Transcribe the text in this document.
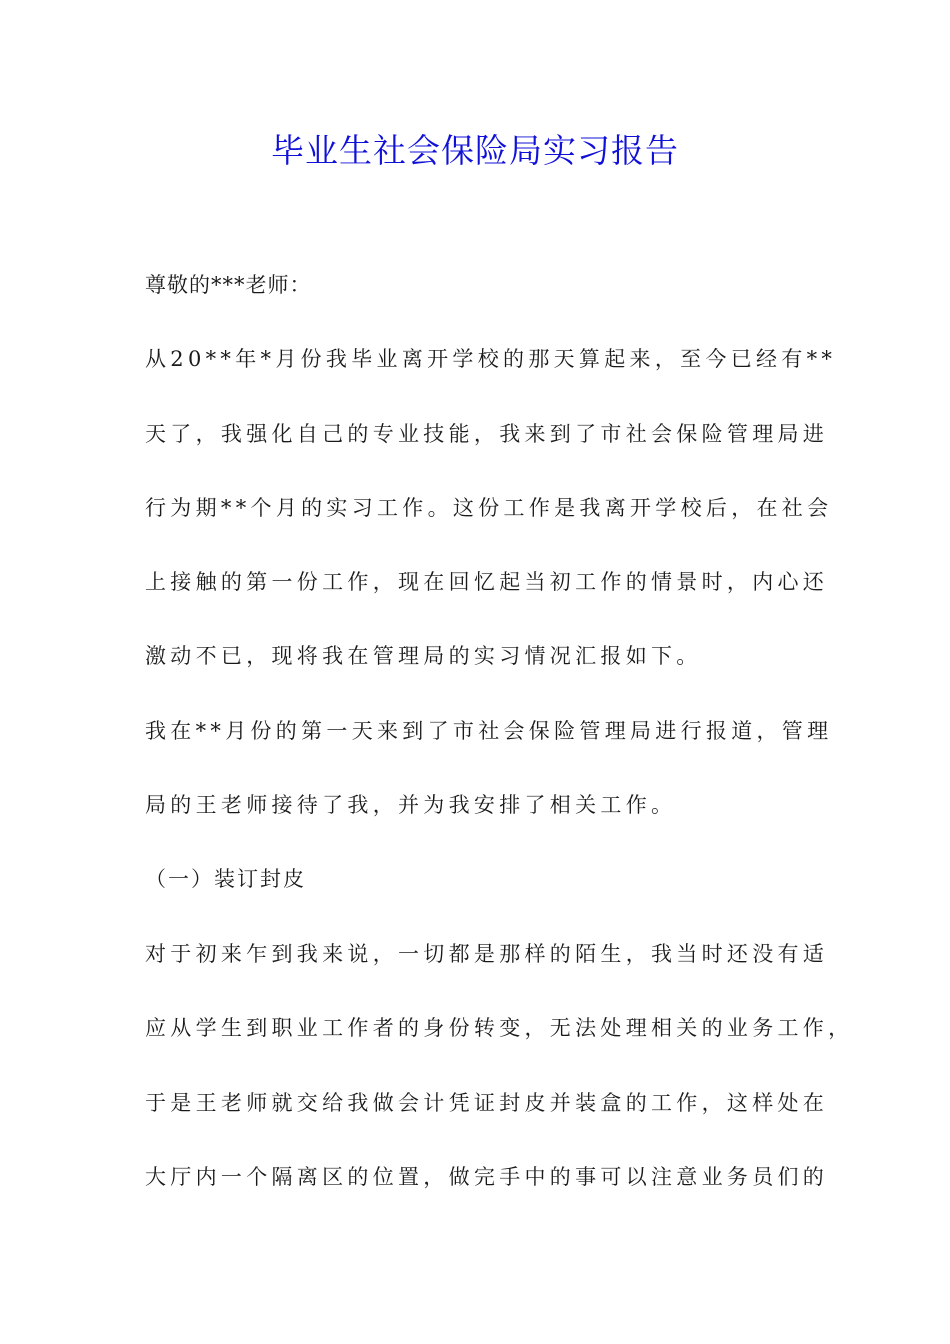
毕业生社会保险局实习报告

尊敬的***老师：

从20**年*月份我毕业离开学校的那天算起来，至今已经有**

天了，我强化自己的专业技能，我来到了市社会保险管理局进

行为期**个月的实习工作。这份工作是我离开学校后，在社会

上接触的第一份工作，现在回忆起当初工作的情景时，内心还

激动不已，现将我在管理局的实习情况汇报如下。

我在**月份的第一天来到了市社会保险管理局进行报道，管理

局的王老师接待了我，并为我安排了相关工作。

（一）装订封皮

对于初来乍到我来说，一切都是那样的陌生，我当时还没有适

应从学生到职业工作者的身份转变，无法处理相关的业务工作，

于是王老师就交给我做会计凭证封皮并装盒的工作，这样处在

大厅内一个隔离区的位置，做完手中的事可以注意业务员们的
